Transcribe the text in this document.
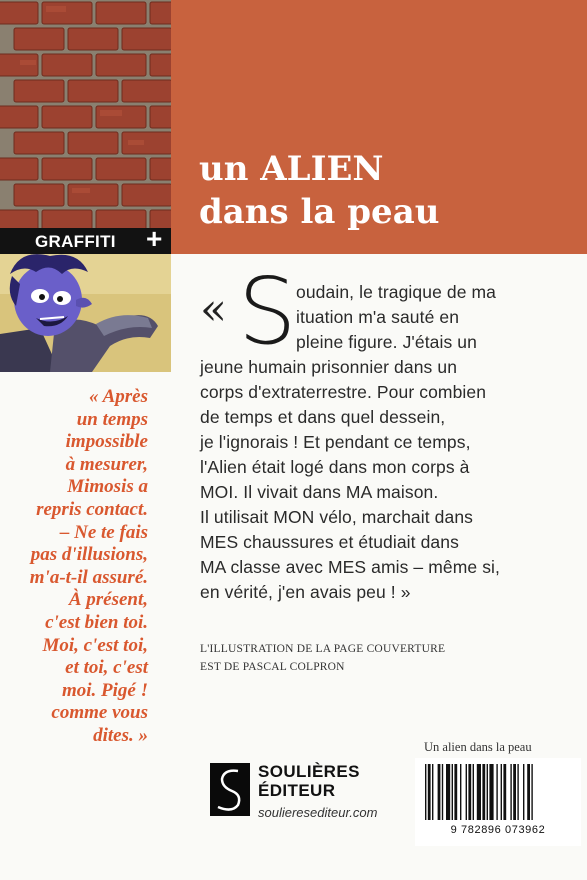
GRAFFITI +
un ALIEN
dans la peau
« Après
un temps
impossible
à mesurer,
Mimosis a
repris contact.
– Ne te fais
pas d'illusions,
m'a-t-il assuré.
À présent,
c'est bien toi.
Moi, c'est toi,
et toi, c'est
moi. Pigé !
comme vous
dites. »
« S oudain, le tragique de ma
ituation m'a sauté en
pleine figure. J'étais un
jeune humain prisonnier dans un
corps d'extraterrestre. Pour combien
de temps et dans quel dessein,
je l'ignorais ! Et pendant ce temps,
l'Alien était logé dans mon corps à
MOI. Il vivait dans MA maison.
Il utilisait MON vélo, marchait dans
MES chaussures et étudiait dans
MA classe avec MES amis – même si,
en vérité, j'en avais peu ! »
L'ILLUSTRATION DE LA PAGE COUVERTURE
EST DE PASCAL COLPRON
SOULIÈRES
ÉDITEUR
soulieresediteur.com
Un alien dans la peau
9 782896 073962
